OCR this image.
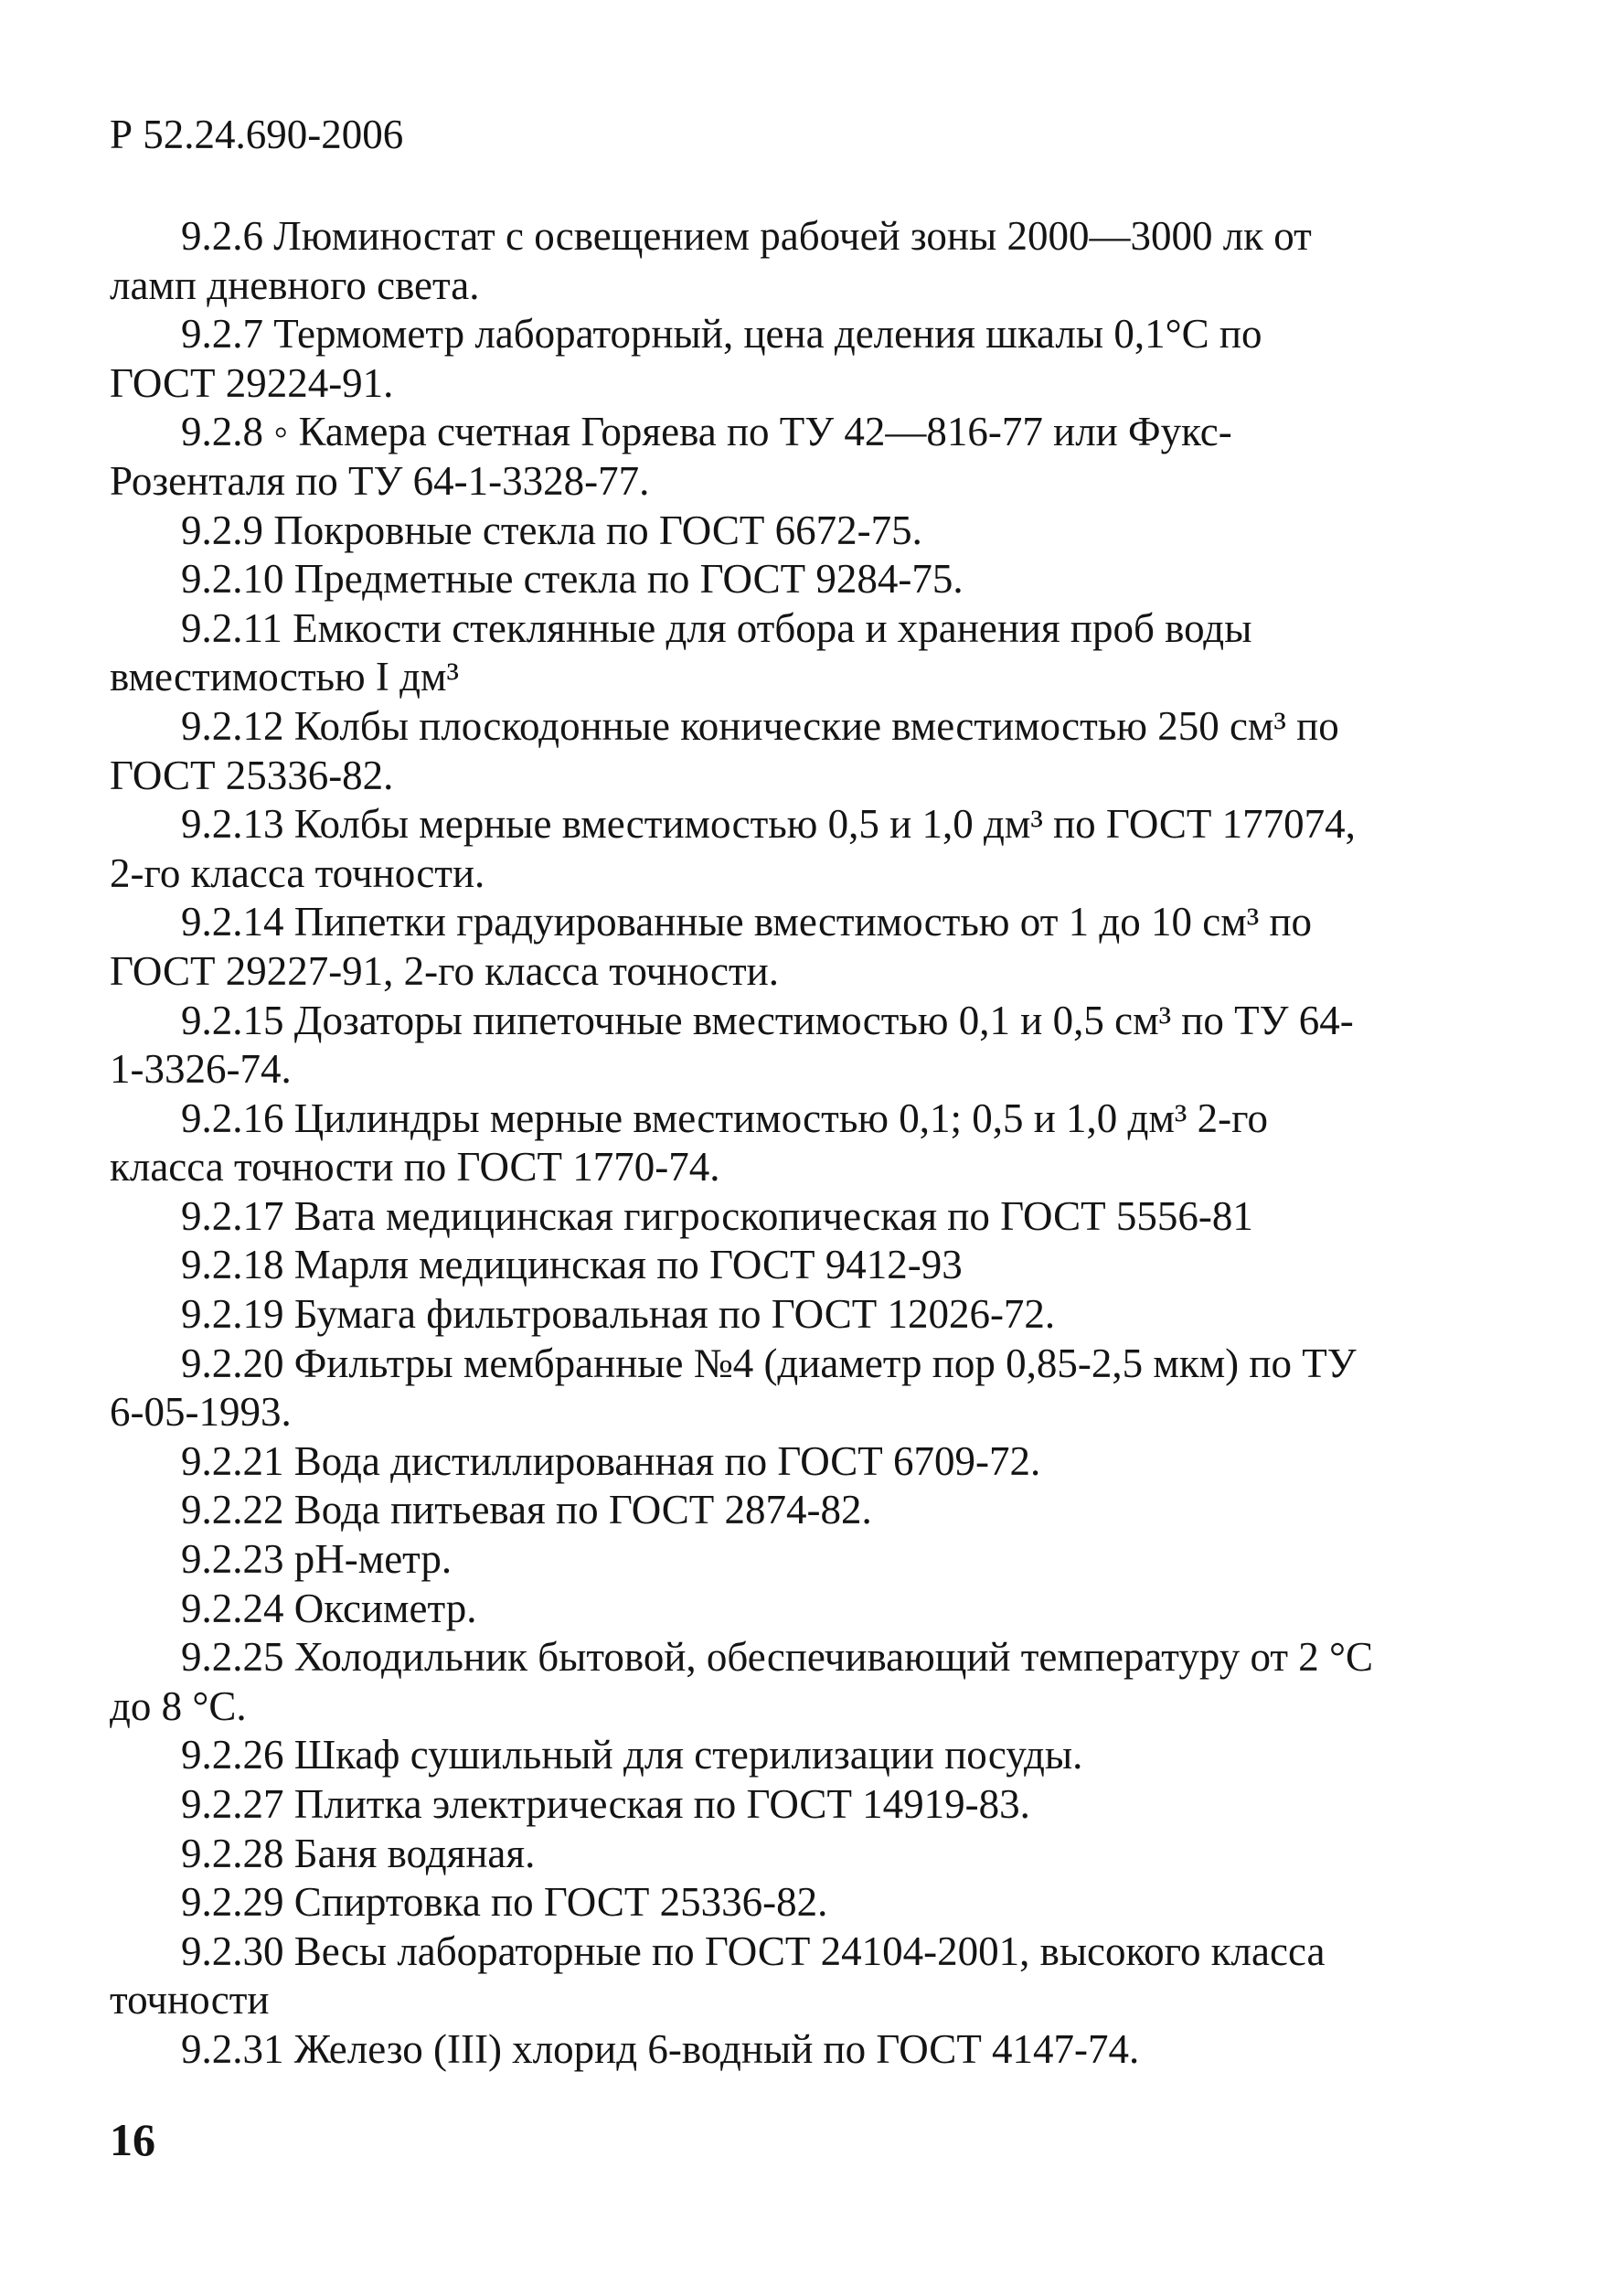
Р 52.24.690-2006

9.2.6 Люминостат с освещением рабочей зоны 2000—3000 лк от ламп дневного света.

9.2.7 Термометр лабораторный, цена деления шкалы 0,1°С по ГОСТ 29224-91.

9.2.8 ◦ Камера счетная Горяева по ТУ 42—816-77 или Фукс-Розенталя по ТУ 64-1-3328-77.

9.2.9 Покровные стекла по ГОСТ 6672-75.

9.2.10 Предметные стекла по ГОСТ 9284-75.

9.2.11 Емкости стеклянные для отбора и хранения проб воды вместимостью I дм³

9.2.12 Колбы плоскодонные конические вместимостью 250 см³ по ГОСТ 25336-82.

9.2.13 Колбы мерные вместимостью 0,5 и 1,0 дм³ по ГОСТ 177074, 2-го класса точности.

9.2.14 Пипетки градуированные вместимостью от 1 до 10 см³ по ГОСТ 29227-91, 2-го класса точности.

9.2.15 Дозаторы пипеточные вместимостью 0,1 и 0,5 см³ по ТУ 64-1-3326-74.

9.2.16 Цилиндры мерные вместимостью 0,1; 0,5 и 1,0 дм³ 2-го класса точности по ГОСТ 1770-74.

9.2.17 Вата медицинская гигроскопическая по ГОСТ 5556-81

9.2.18 Марля медицинская по ГОСТ 9412-93

9.2.19 Бумага фильтровальная по ГОСТ 12026-72.

9.2.20 Фильтры мембранные №4 (диаметр пор 0,85-2,5 мкм) по ТУ 6-05-1993.

9.2.21 Вода дистиллированная по ГОСТ 6709-72.

9.2.22 Вода питьевая по ГОСТ 2874-82.

9.2.23 рН-метр.

9.2.24 Оксиметр.

9.2.25 Холодильник бытовой, обеспечивающий температуру от 2 °С до 8 °С.

9.2.26 Шкаф сушильный для стерилизации посуды.

9.2.27 Плитка электрическая по ГОСТ 14919-83.

9.2.28 Баня водяная.

9.2.29 Спиртовка по ГОСТ 25336-82.

9.2.30 Весы лабораторные по ГОСТ 24104-2001, высокого класса точности

9.2.31 Железо (III) хлорид 6-водный по ГОСТ 4147-74.

16
